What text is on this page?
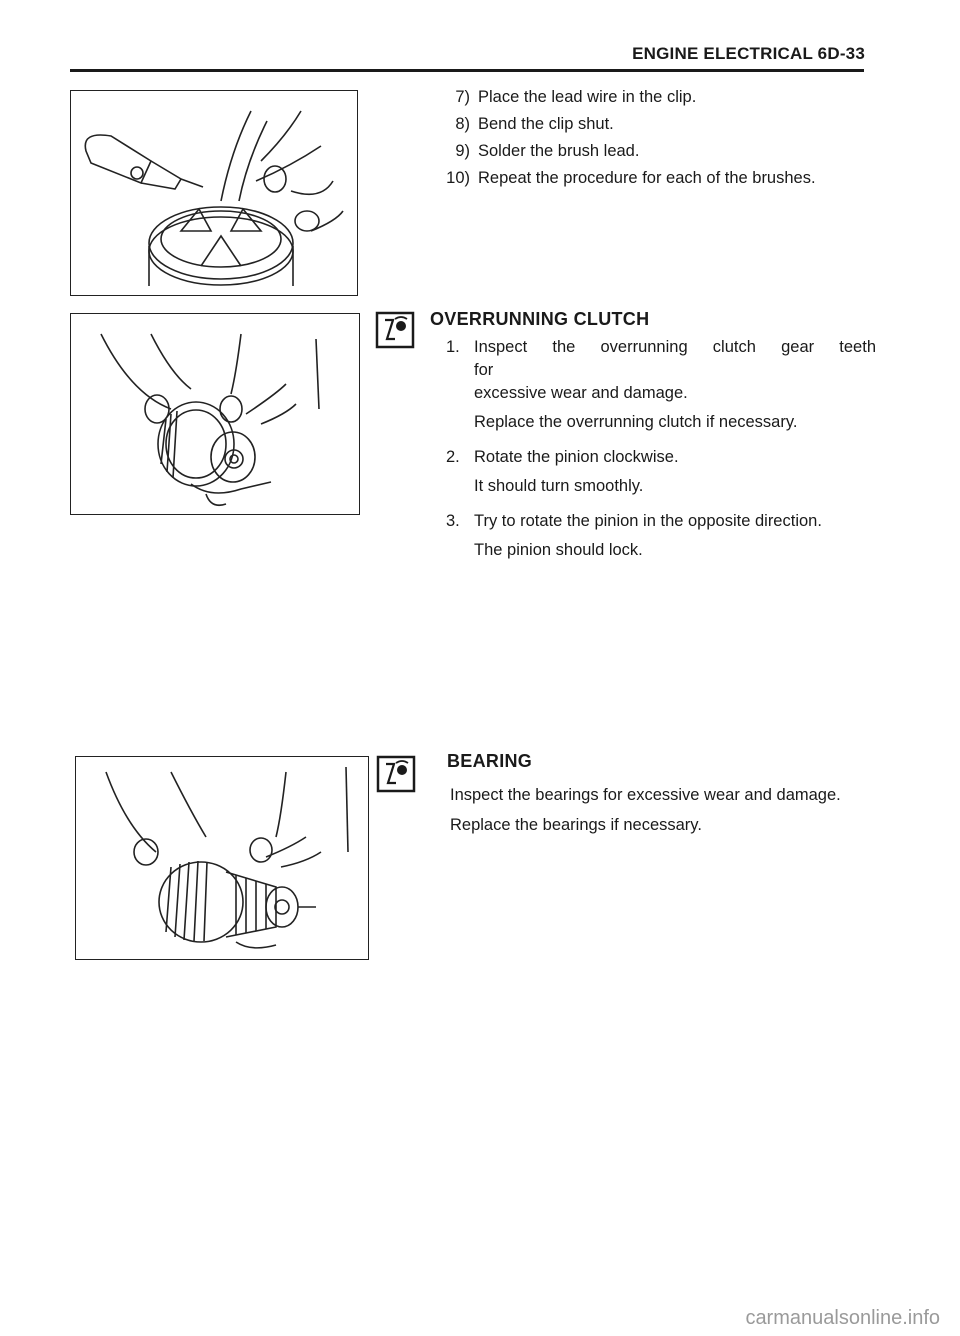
ENGINE ELECTRICAL 6D-33
7) Place the lead wire in the clip.
8) Bend the clip shut.
9) Solder the brush lead.
10) Repeat the procedure for each of the brushes.
OVERRUNNING CLUTCH
1. Inspect the overrunning clutch gear teeth for

excessive wear and damage.

Replace the overrunning clutch if necessary.

2. Rotate the pinion clockwise.

It should turn smoothly.

3. Try to rotate the pinion in the opposite direction.

The pinion should lock.

BEARING

Inspect the bearings for excessive wear and damage.

Replace the bearings if necessary.

carmanualsonline.info
